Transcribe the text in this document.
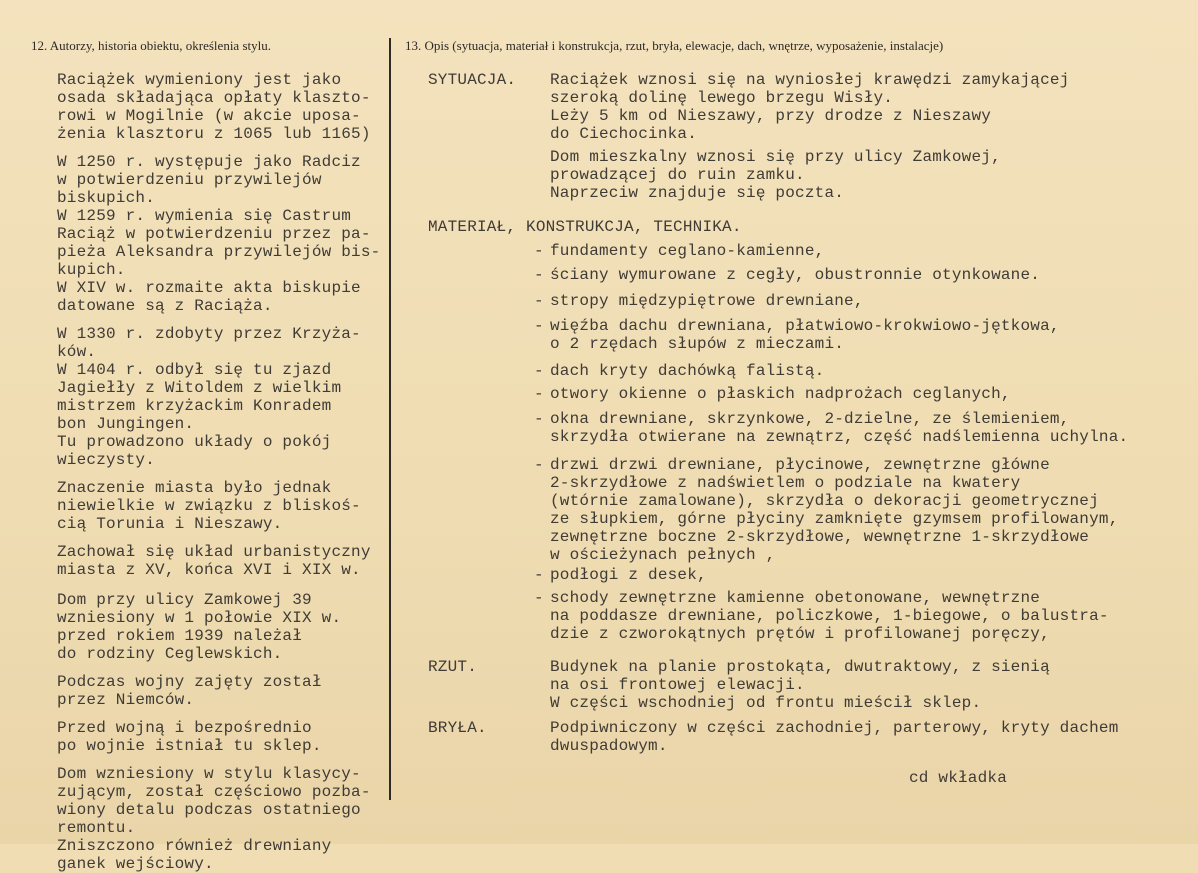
12. Autorzy, historia obiektu, określenia stylu.	13. Opis (sytuacja, materiał i konstrukcja, rzut, bryła, elewacje, dach, wnętrze, wyposażenie, instalacje)
Raciążek wymieniony jest jako
osada składająca opłaty klaszto-
rowi w Mogilnie (w akcie uposa-
żenia klasztoru z 1065 lub 1165)
W 1250 r. występuje jako Radciz
w potwierdzeniu przywilejów
biskupich.
W 1259 r. wymienia się Castrum
Raciąż w potwierdzeniu przez pa-
pieża Aleksandra przywilejów bis-
kupich.
W XIV w. rozmaite akta biskupie
datowane są z Raciąża.
W 1330 r. zdobyty przez Krzyża-
ków.
W 1404 r. odbył się tu zjazd
Jagiełły z Witoldem z wielkim
mistrzem krzyżackim Konradem
bon Jungingen.
Tu prowadzono układy o pokój
wieczysty.
Znaczenie miasta było jednak
niewielkie w związku z bliskoś-
cią Torunia i Nieszawy.
Zachował się układ urbanistyczny
miasta z XV, końca XVI i XIX w.
Dom przy ulicy Zamkowej 39
wzniesiony w 1 połowie XIX w.
przed rokiem 1939 należał
do rodziny Ceglewskich.
Podczas wojny zajęty został
przez Niemców.
Przed wojną i bezpośrednio
po wojnie istniał tu sklep.
Dom wzniesiony w stylu klasycy-
zującym, został częściowo pozba-
wiony detalu podczas ostatniego
remontu.
Zniszczono również drewniany
ganek wejściowy.
SYTUACJA. Raciążek wznosi się na wyniosłej krawędzi zamykającej
szeroką dolinę lewego brzegu Wisły.
Leży 5 km od Nieszawy, przy drodze z Nieszawy
do Ciechocinka.
Dom mieszkalny wznosi się przy ulicy Zamkowej,
prowadzącej do ruin zamku.
Naprzeciw znajduje się poczta.
MATERIAŁ, KONSTRUKCJA, TECHNIKA.
- fundamenty ceglano-kamienne,
- ściany wymurowane z cegły, obustronnie otynkowane.
- stropy międzypiętrowe drewniane,
- więźba dachu drewniana, płatwiowo-krokwiowo-jętkowa,
o 2 rzędach słupów z mieczami.
- dach kryty dachówką falistą.
- otwory okienne o płaskich nadprożach ceglanych,
- okna drewniane, skrzynkowe, 2-dzielne, ze ślemieniem,
skrzydła otwierane na zewnątrz, część nadślemienna uchylna.
- drzwi drzwi drewniane, płycinowe, zewnętrzne główne
2-skrzydłowe z nadświetlem o podziale na kwatery
(wtórnie zamalowane), skrzydła o dekoracji geometrycznej
ze słupkiem, górne płyciny zamknięte gzymsem profilowanym,
zewnętrzne boczne 2-skrzydłowe, wewnętrzne 1-skrzydłowe
w ościeżynach pełnych ,
- podłogi z desek,
- schody zewnętrzne kamienne obetonowane, wewnętrzne
na poddasze drewniane, policzkowe, 1-biegowe, o balustra-
dzie z czworokątnych prętów i profilowanej poręczy,
RZUT.	Budynek na planie prostokąta, dwutraktowy, z sienią
na osi frontowej elewacji.
W części wschodniej od frontu mieścił sklep.
BRYŁA.	Podpiwniczony w części zachodniej, parterowy, kryty dachem
dwuspadowym.
cd wkładka
